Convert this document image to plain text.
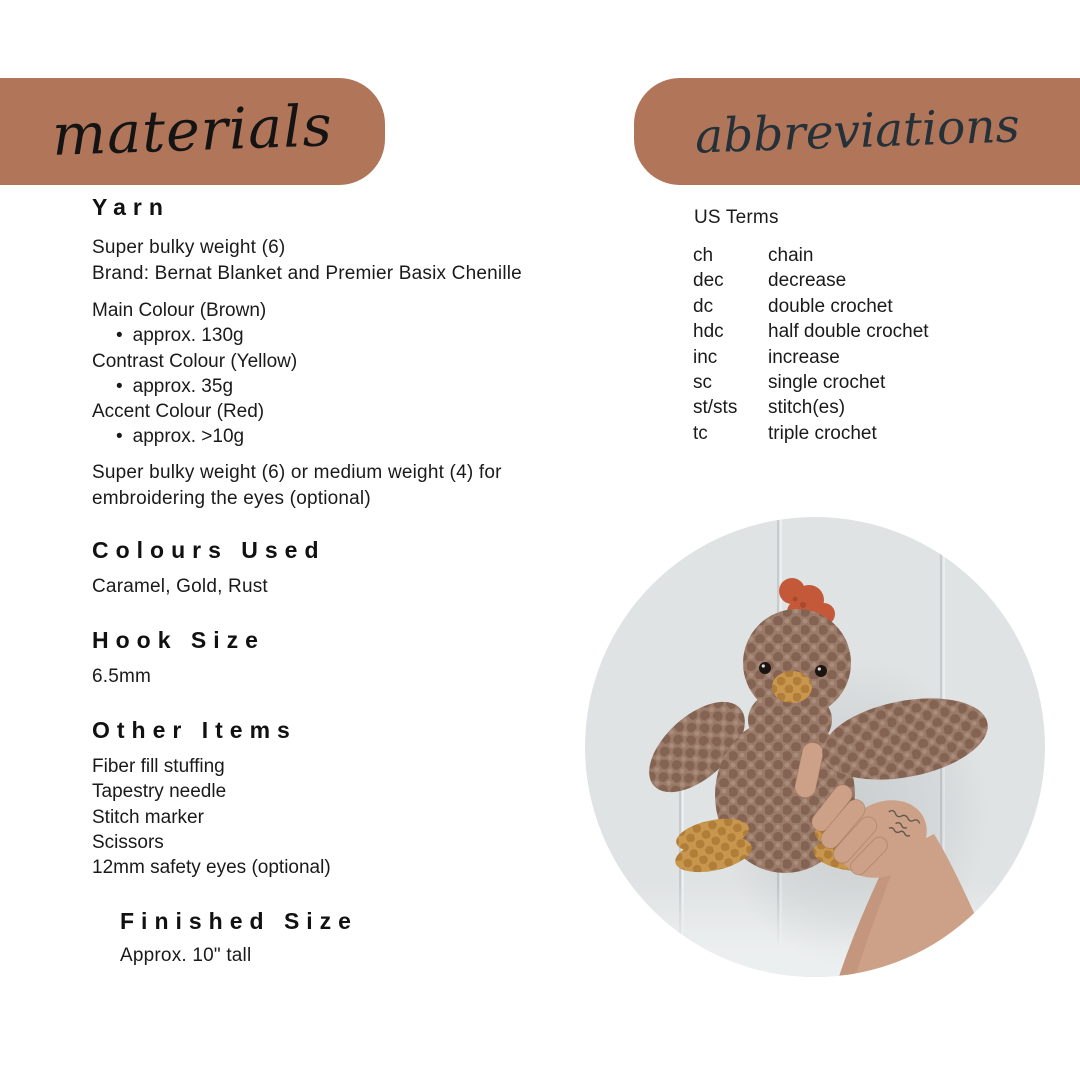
materials	abbreviations
Yarn
Super bulky weight (6)
Brand: Bernat Blanket and Premier Basix Chenille
Main Colour (Brown)
• approx. 130g
Contrast Colour (Yellow)
• approx. 35g
Accent Colour (Red)
• approx. >10g

Super bulky weight (6) or medium weight (4) for embroidering the eyes (optional)

Colours Used

Caramel, Gold, Rust

Hook Size

6.5mm

Other Items
Fiber fill stuffing
Tapestry needle
Stitch marker
Scissors
12mm safety eyes (optional)
Finished Size

Approx. 10" tall

US Terms
ch	chain
dec	decrease
dc	double crochet
hdc	half double crochet
inc	increase
sc	single crochet
st/sts	stitch(es)
tc	triple crochet
